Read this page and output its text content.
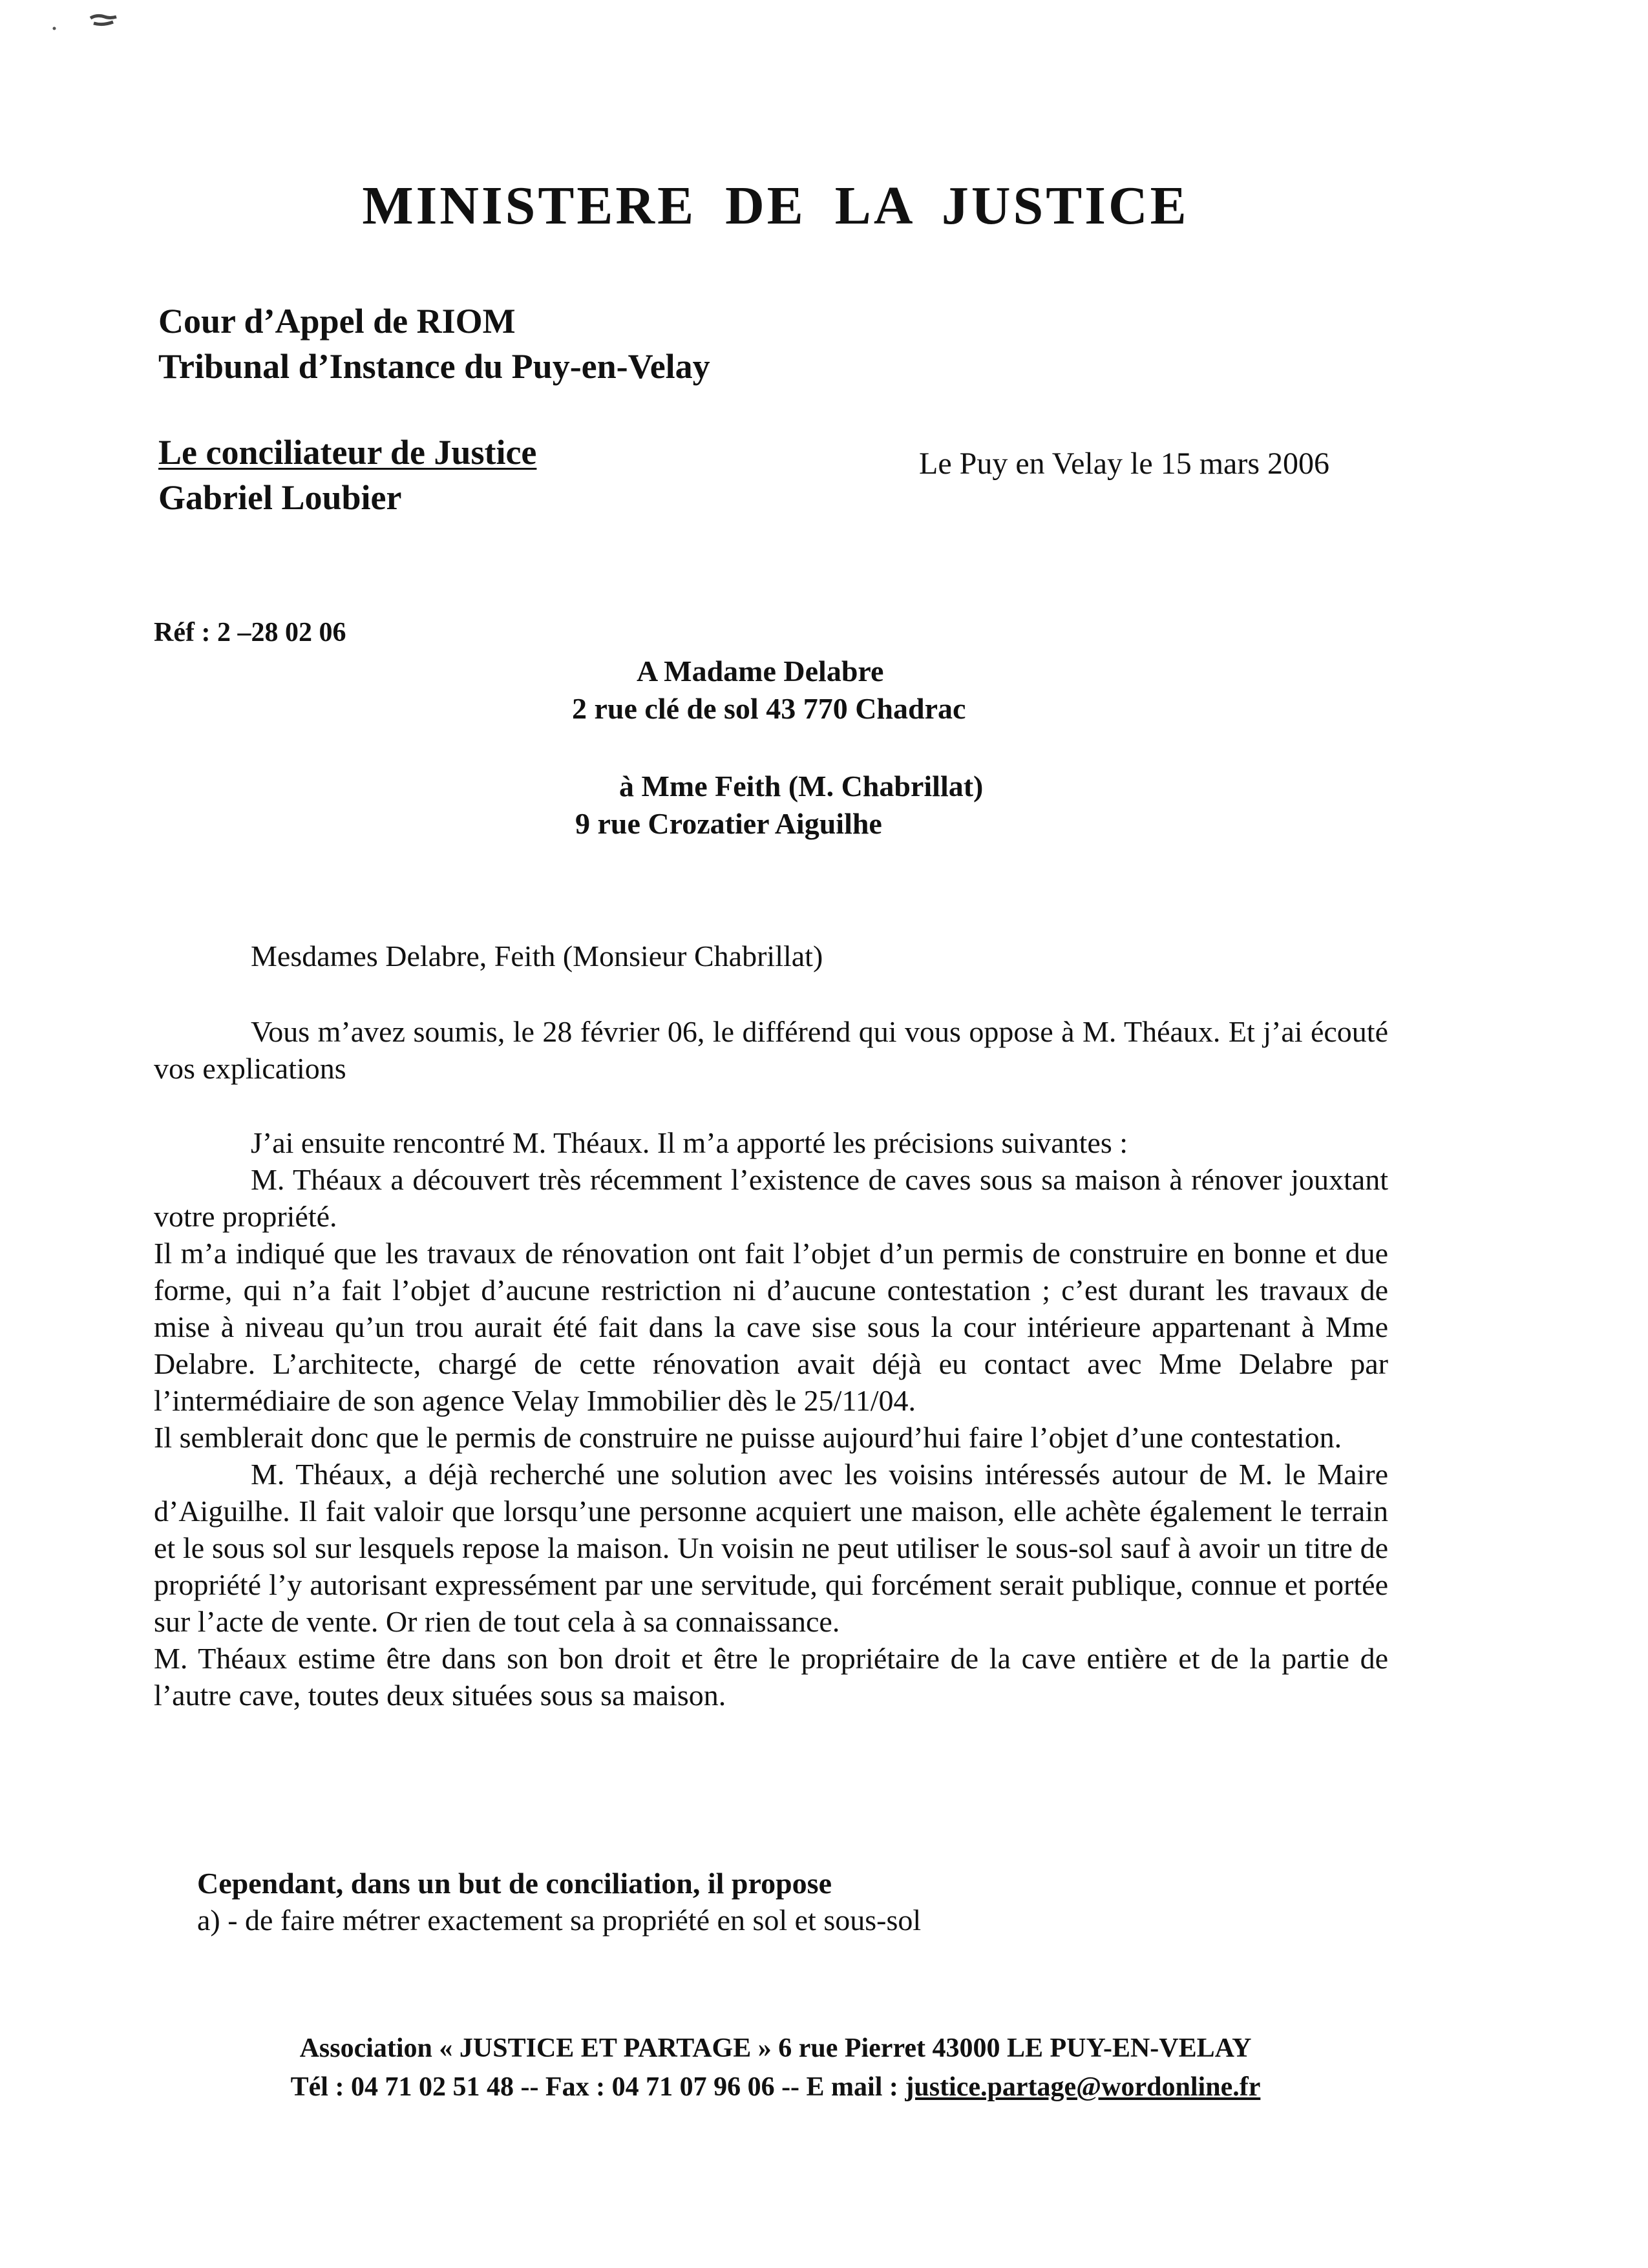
MINISTERE DE LA JUSTICE
Cour d’Appel de RIOM
Tribunal d’Instance du Puy-en-Velay
Le conciliateur de Justice
Gabriel Loubier
Le Puy en Velay le 15 mars 2006
Réf : 2 –28 02 06
A Madame Delabre
2 rue clé de sol 43 770 Chadrac
à Mme Feith (M. Chabrillat)
9 rue Crozatier Aiguilhe
Mesdames Delabre, Feith (Monsieur Chabrillat)

Vous m’avez soumis, le 28 février 06, le différend qui vous oppose à M. Théaux. Et j’ai écouté vos explications

J’ai ensuite rencontré M. Théaux. Il m’a apporté les précisions suivantes :

M. Théaux a découvert très récemment l’existence de caves sous sa maison à rénover jouxtant votre propriété.

Il m’a indiqué que les travaux de rénovation ont fait l’objet d’un permis de construire en bonne et due forme, qui n’a fait l’objet d’aucune restriction ni d’aucune contestation ; c’est durant les travaux de mise à niveau qu’un trou aurait été fait dans la cave sise sous la cour intérieure appartenant à Mme Delabre. L’architecte, chargé de cette rénovation avait déjà eu contact avec Mme Delabre par l’intermédiaire de son agence Velay Immobilier dès le 25/11/04.

Il semblerait donc que le permis de construire ne puisse aujourd’hui faire l’objet d’une contestation.

M. Théaux, a déjà recherché une solution avec les voisins intéressés autour de M. le Maire d’Aiguilhe. Il fait valoir que lorsqu’une personne acquiert une maison, elle achète également le terrain et le sous sol sur lesquels repose la maison. Un voisin ne peut utiliser le sous-sol sauf à avoir un titre de propriété l’y autorisant expressément par une servitude, qui forcément serait publique, connue et portée sur l’acte de vente. Or rien de tout cela à sa connaissance.

M. Théaux estime être dans son bon droit et être le propriétaire de la cave entière et de la partie de l’autre cave, toutes deux situées sous sa maison.

Cependant, dans un but de conciliation, il propose
a) - de faire métrer exactement sa propriété en sol et sous-sol
Association « JUSTICE ET PARTAGE » 6 rue Pierret 43000 LE PUY-EN-VELAY
Tél : 04 71 02 51 48 -- Fax : 04 71 07 96 06 -- E mail : justice.partage@wordonline.fr
